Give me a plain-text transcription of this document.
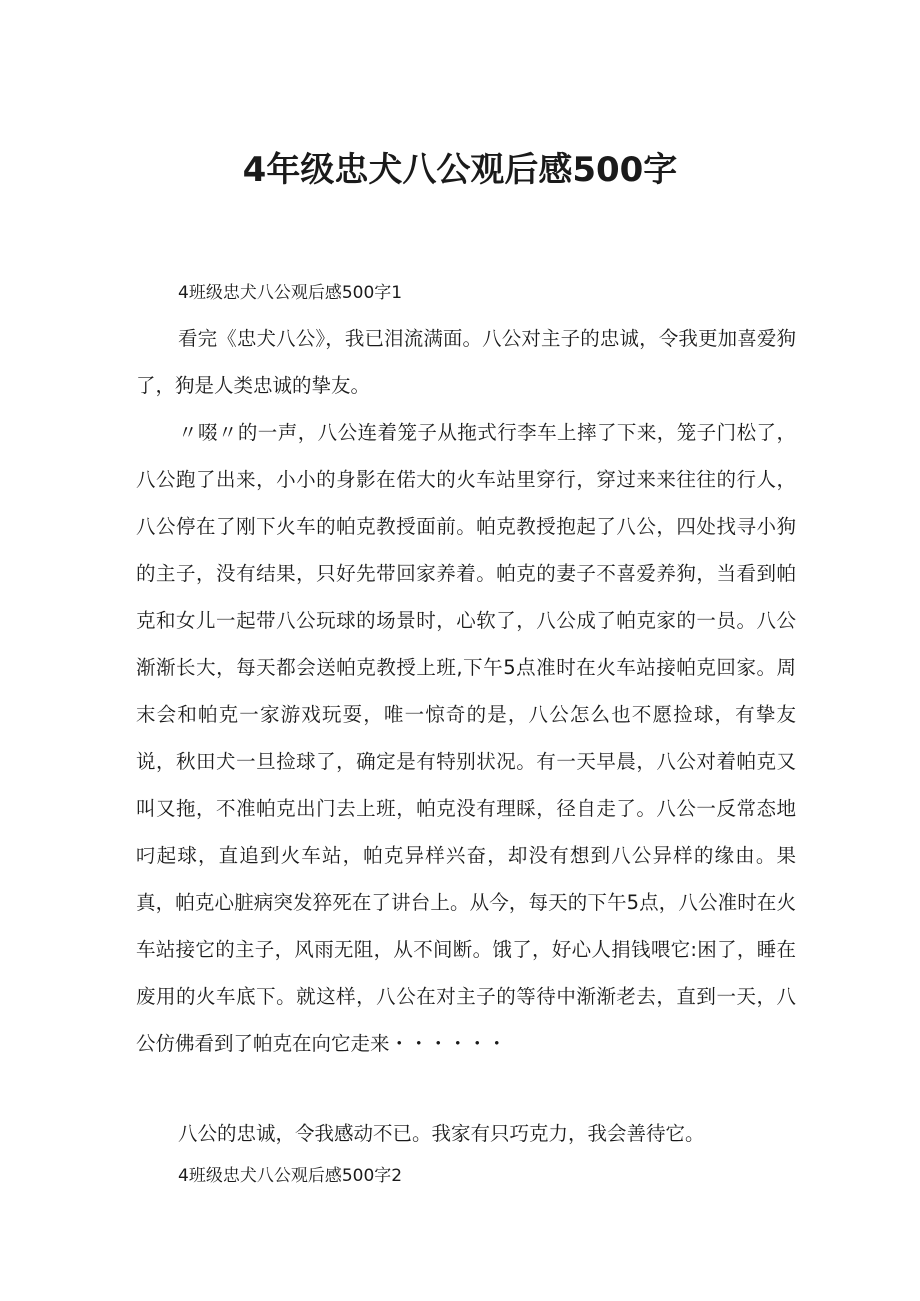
4年级忠犬八公观后感500字
4班级忠犬八公观后感500字1

看完《忠犬八公》，我已泪流满面。八公对主子的忠诚，令我更加喜爱狗了，狗是人类忠诚的挚友。

〃啜〃的一声，八公连着笼子从拖式行李车上摔了下来，笼子门松了，八公跑了出来，小小的身影在偌大的火车站里穿行，穿过来来往往的行人，八公停在了刚下火车的帕克教授面前。帕克教授抱起了八公，四处找寻小狗的主子，没有结果，只好先带回家养着。帕克的妻子不喜爱养狗，当看到帕克和女儿一起带八公玩球的场景时，心软了，八公成了帕克家的一员。八公渐渐长大，每天都会送帕克教授上班,下午5点准时在火车站接帕克回家。周末会和帕克一家游戏玩耍，唯一惊奇的是，八公怎么也不愿捡球，有挚友说，秋田犬一旦捡球了，确定是有特别状况。有一天早晨，八公对着帕克又叫又拖，不准帕克出门去上班，帕克没有理睬，径自走了。八公一反常态地叼起球，直追到火车站，帕克异样兴奋，却没有想到八公异样的缘由。果真，帕克心脏病突发猝死在了讲台上。从今，每天的下午5点，八公准时在火车站接它的主子，风雨无阻，从不间断。饿了，好心人捐钱喂它:困了，睡在废用的火车底下。就这样，八公在对主子的等待中渐渐老去，直到一天，八公仿佛看到了帕克在向它走来・・・・・・

八公的忠诚，令我感动不已。我家有只巧克力，我会善待它。

4班级忠犬八公观后感500字2
